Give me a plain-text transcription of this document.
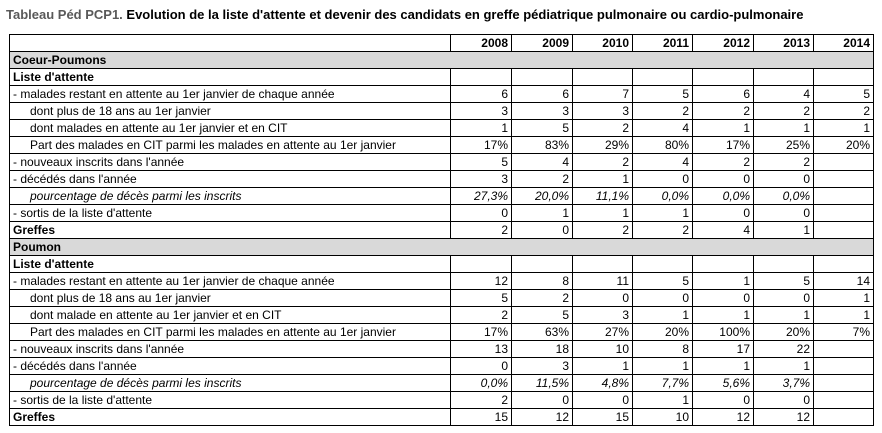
Tableau Péd PCP1. Evolution de la liste d'attente et devenir des candidats en greffe pédiatrique pulmonaire ou cardio-pulmonaire
	2008	2009	2010	2011	2012	2013	2014
Coeur-Poumons							
Liste d'attente							
- malades restant en attente au 1er janvier de chaque année	6	6	7	5	6	4	5
dont plus de 18 ans au 1er janvier	3	3	3	2	2	2	2
dont malades en attente au 1er janvier et en CIT	1	5	2	4	1	1	1
Part des malades en CIT parmi les malades en attente au 1er janvier	17%	83%	29%	80%	17%	25%	20%
- nouveaux inscrits dans l'année	5	4	2	4	2	2	
- décédés dans l'année	3	2	1	0	0	0	
pourcentage de décès parmi les inscrits	27,3%	20,0%	11,1%	0,0%	0,0%	0,0%	
- sortis de la liste d'attente	0	1	1	1	0	0	
Greffes	2	0	2	2	4	1	
Poumon							
Liste d'attente							
- malades restant en attente au 1er janvier de chaque année	12	8	11	5	1	5	14
dont plus de 18 ans au 1er janvier	5	2	0	0	0	0	1
dont malade en attente au 1er janvier et en CIT	2	5	3	1	1	1	1
Part des malades en CIT parmi les malades en attente au 1er janvier	17%	63%	27%	20%	100%	20%	7%
- nouveaux inscrits dans l'année	13	18	10	8	17	22	
- décédés dans l'année	0	3	1	1	1	1	
pourcentage de décès parmi les inscrits	0,0%	11,5%	4,8%	7,7%	5,6%	3,7%	
- sortis de la liste d'attente	2	0	0	1	0	0	
Greffes	15	12	15	10	12	12	
